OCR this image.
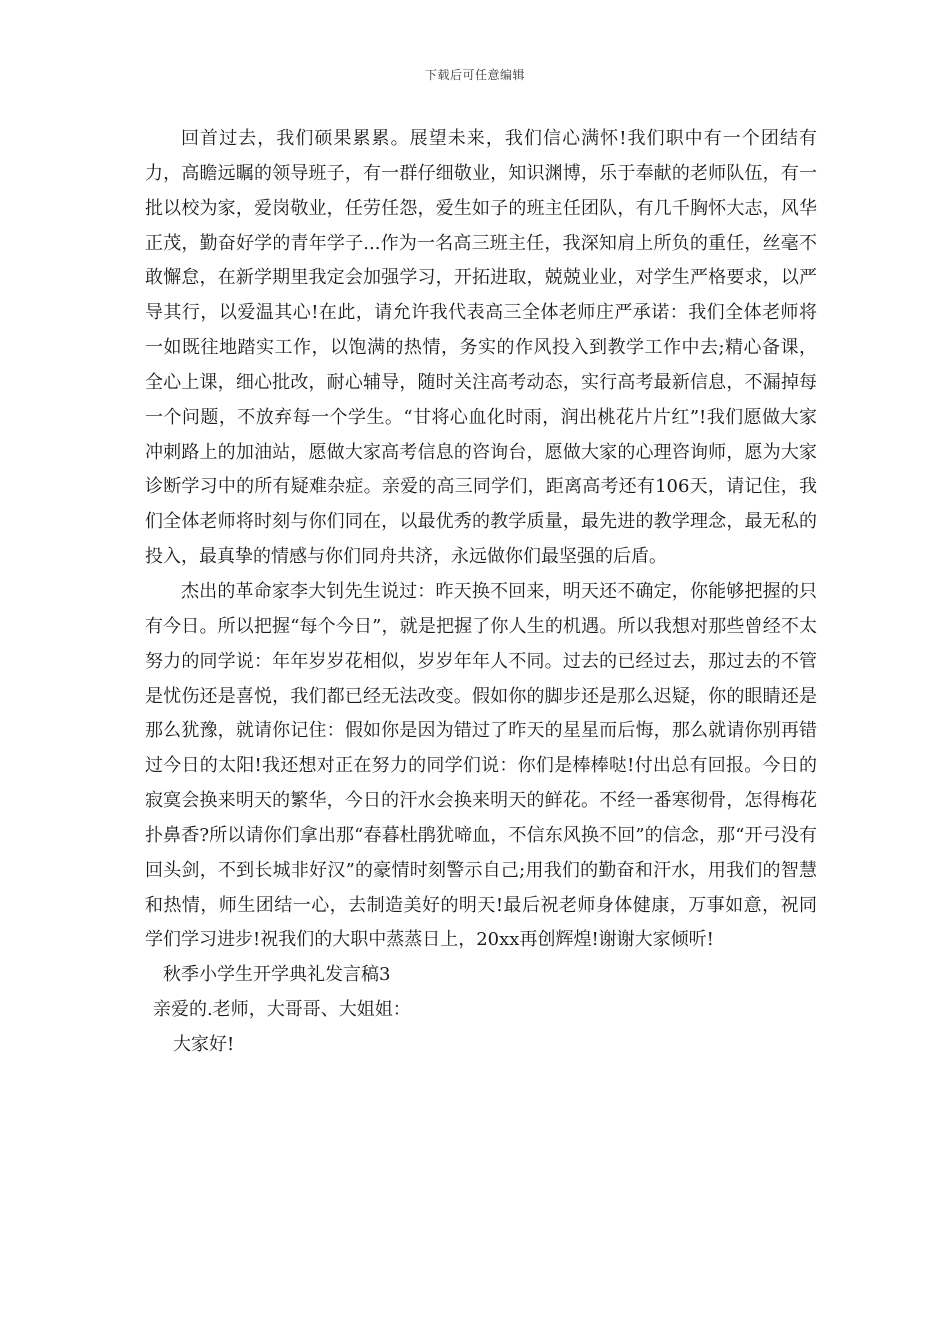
下载后可任意编辑

回首过去，我们硕果累累。展望未来，我们信心满怀!我们职中有一个团结有力，高瞻远瞩的领导班子，有一群仔细敬业，知识渊博，乐于奉献的老师队伍，有一批以校为家，爱岗敬业，任劳任怨，爱生如子的班主任团队，有几千胸怀大志，风华正茂，勤奋好学的青年学子...作为一名高三班主任，我深知肩上所负的重任，丝毫不敢懈怠，在新学期里我定会加强学习，开拓进取，兢兢业业，对学生严格要求，以严导其行，以爱温其心!在此，请允许我代表高三全体老师庄严承诺：我们全体老师将一如既往地踏实工作，以饱满的热情，务实的作风投入到教学工作中去;精心备课，全心上课，细心批改，耐心辅导，随时关注高考动态，实行高考最新信息，不漏掉每一个问题，不放弃每一个学生。“甘将心血化时雨，润出桃花片片红”!我们愿做大家冲刺路上的加油站，愿做大家高考信息的咨询台，愿做大家的心理咨询师，愿为大家诊断学习中的所有疑难杂症。亲爱的高三同学们，距离高考还有106天，请记住，我们全体老师将时刻与你们同在，以最优秀的教学质量，最先进的教学理念，最无私的投入，最真挚的情感与你们同舟共济，永远做你们最坚强的后盾。

杰出的革命家李大钊先生说过：昨天换不回来，明天还不确定，你能够把握的只有今日。所以把握“每个今日”，就是把握了你人生的机遇。所以我想对那些曾经不太努力的同学说：年年岁岁花相似，岁岁年年人不同。过去的已经过去，那过去的不管是忧伤还是喜悦，我们都已经无法改变。假如你的脚步还是那么迟疑，你的眼睛还是那么犹豫，就请你记住：假如你是因为错过了昨天的星星而后悔，那么就请你别再错过今日的太阳!我还想对正在努力的同学们说：你们是棒棒哒!付出总有回报。今日的寂寞会换来明天的繁华，今日的汗水会换来明天的鲜花。不经一番寒彻骨，怎得梅花扑鼻香?所以请你们拿出那“春暮杜鹃犹啼血，不信东风换不回”的信念，那“开弓没有回头剑，不到长城非好汉”的豪情时刻警示自己;用我们的勤奋和汗水，用我们的智慧和热情，师生团结一心，去制造美好的明天!最后祝老师身体健康，万事如意，祝同学们学习进步!祝我们的大职中蒸蒸日上，20xx再创辉煌!谢谢大家倾听!

秋季小学生开学典礼发言稿3

亲爱的.老师，大哥哥、大姐姐：

大家好!
